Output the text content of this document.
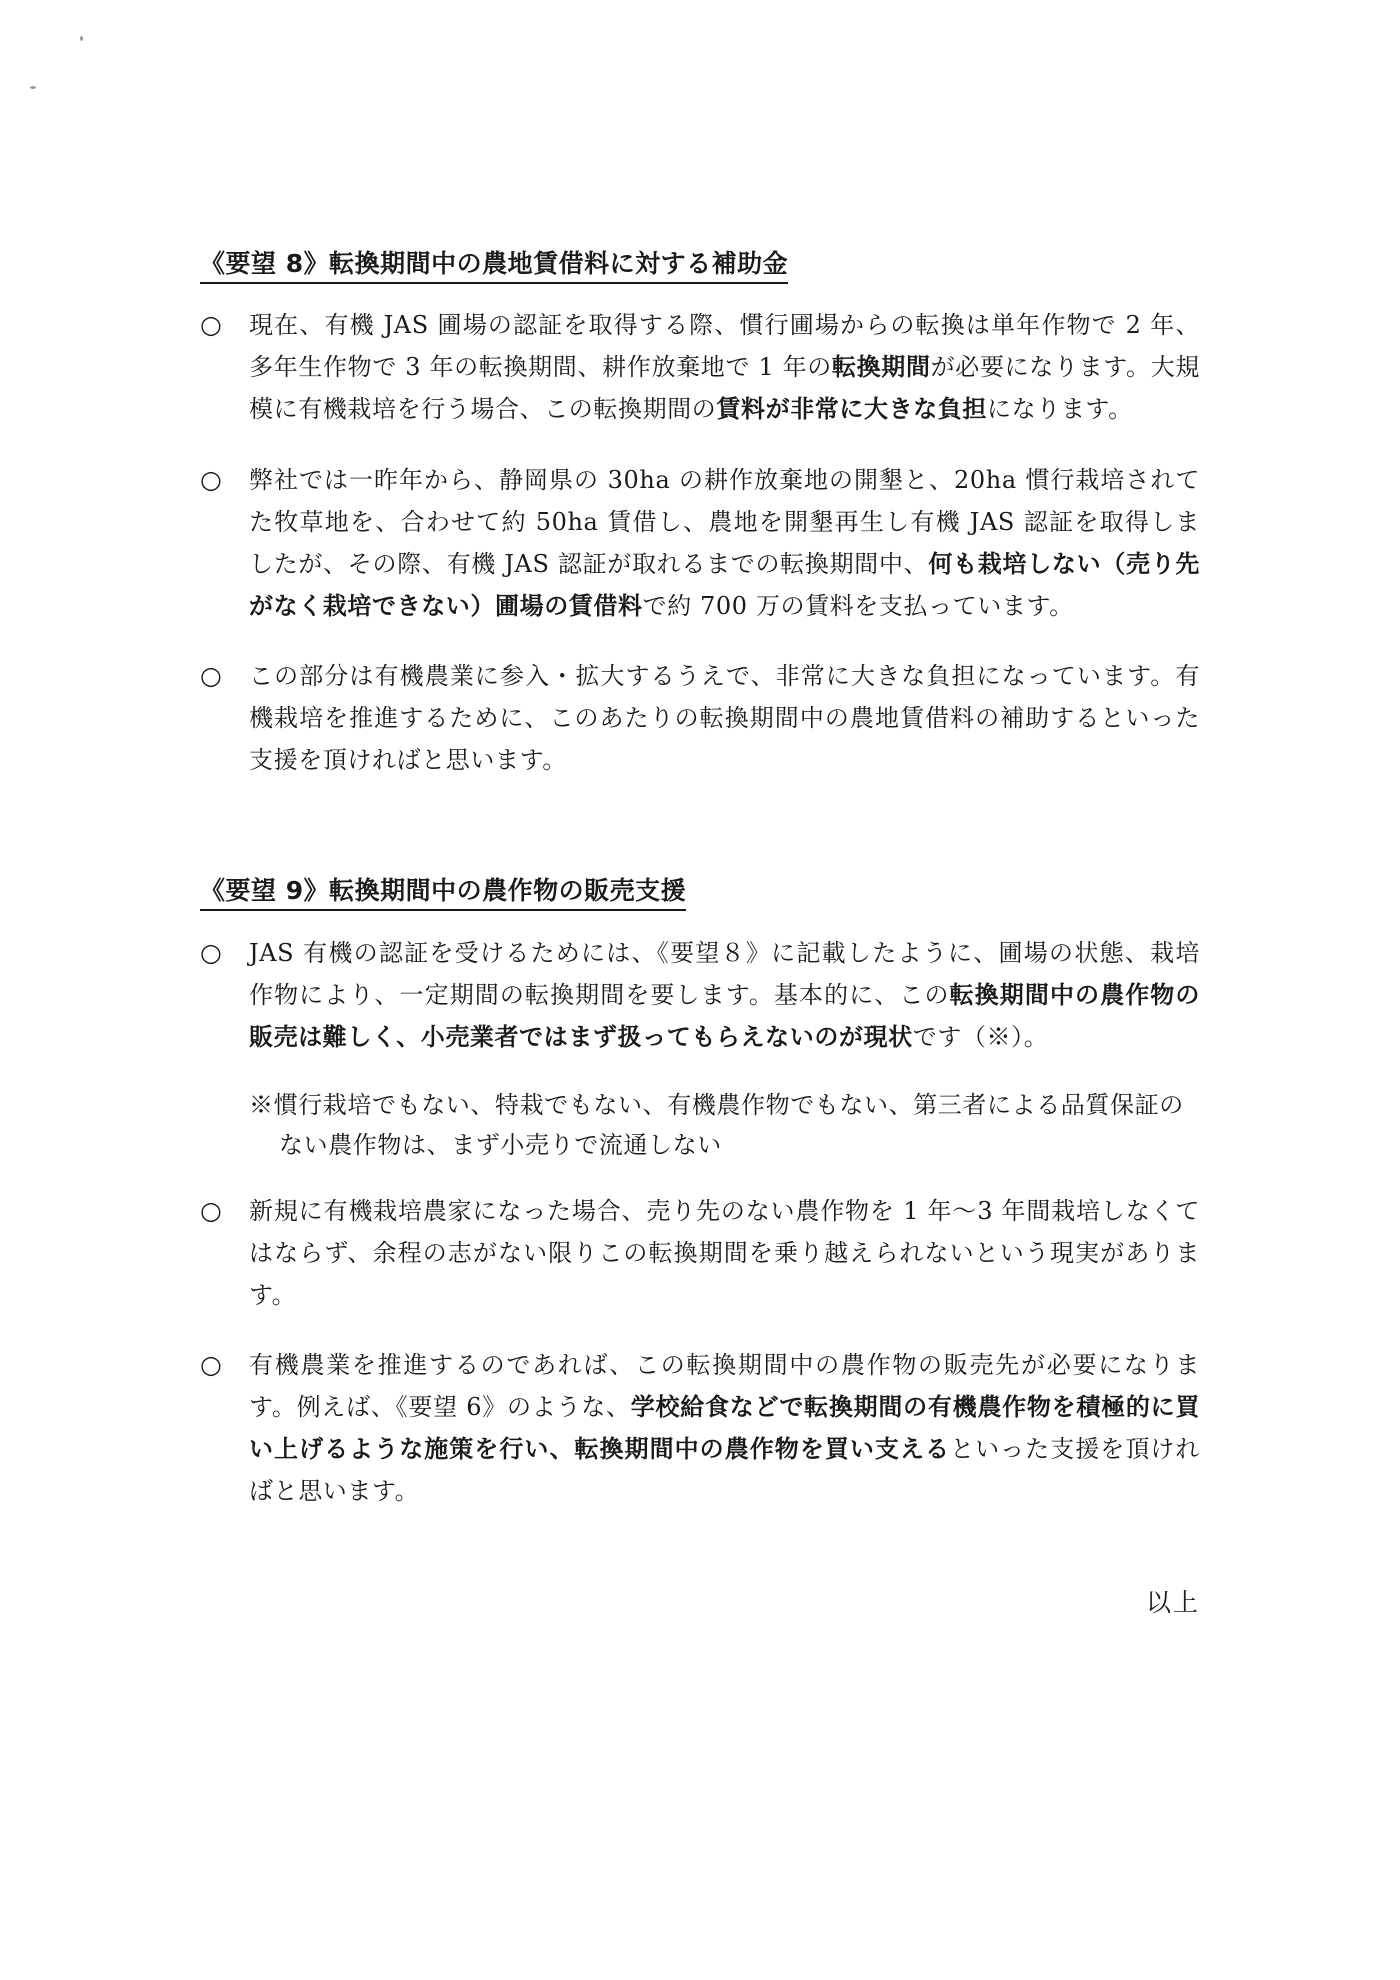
《要望 8》転換期間中の農地賃借料に対する補助金
○	現在、有機 JAS 圃場の認証を取得する際、慣行圃場からの転換は単年作物で 2 年、多年生作物で 3 年の転換期間、耕作放棄地で 1 年の転換期間が必要になります。大規模に有機栽培を行う場合、この転換期間の賃料が非常に大きな負担になります。
○	弊社では一昨年から、静岡県の 30ha の耕作放棄地の開墾と、20ha 慣行栽培されてた牧草地を、合わせて約 50ha 賃借し、農地を開墾再生し有機 JAS 認証を取得しましたが、その際、有機 JAS 認証が取れるまでの転換期間中、何も栽培しない（売り先がなく栽培できない）圃場の賃借料で約 700 万の賃料を支払っています。
○	この部分は有機農業に参入・拡大するうえで、非常に大きな負担になっています。有機栽培を推進するために、このあたりの転換期間中の農地賃借料の補助するといった支援を頂ければと思います。
《要望 9》転換期間中の農作物の販売支援
○	JAS 有機の認証を受けるためには、《要望８》に記載したように、圃場の状態、栽培作物により、一定期間の転換期間を要します。基本的に、この転換期間中の農作物の販売は難しく、小売業者ではまず扱ってもらえないのが現状です（※）。
※慣行栽培でもない、特栽でもない、有機農作物でもない、第三者による品質保証の
ない農作物は、まず小売りで流通しない
○	新規に有機栽培農家になった場合、売り先のない農作物を 1 年〜3 年間栽培しなくてはならず、余程の志がない限りこの転換期間を乗り越えられないという現実があります。
○	有機農業を推進するのであれば、この転換期間中の農作物の販売先が必要になります。例えば、《要望 6》のような、学校給食などで転換期間の有機農作物を積極的に買い上げるような施策を行い、転換期間中の農作物を買い支えるといった支援を頂ければと思います。
以上
